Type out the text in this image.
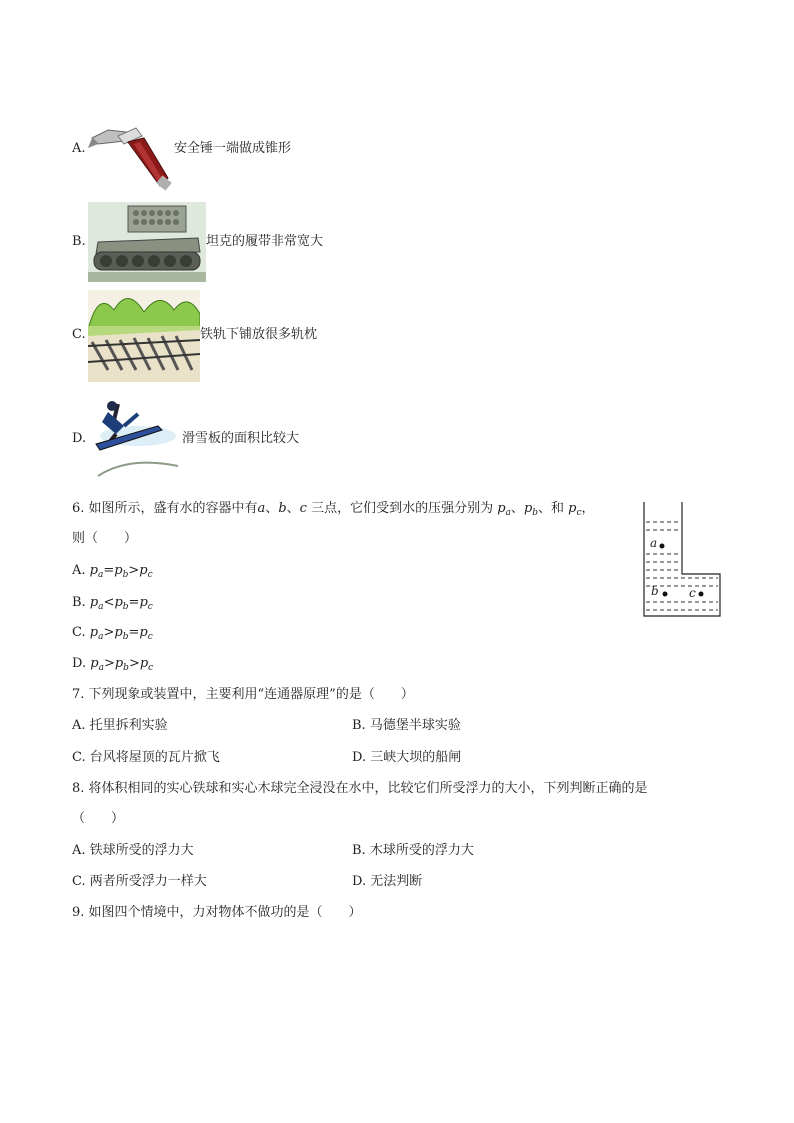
A.	安全锤一端做成锥形
B.	坦克的履带非常宽大
C.	铁轨下铺放很多轨枕
D.	滑雪板的面积比较大
6. 如图所示，盛有水的容器中有a、b、c 三点，它们受到水的压强分别为 $p_a$、$p_b$、和 $p_c$，
则（　　）
A. $p_a=p_b>p_c$
B. $p_a<p_b=p_c$
C. $p_a>p_b=p_c$
D. $p_a>p_b>p_c$
a
b	c
7. 下列现象或装置中，主要利用“连通器原理”的是（　　）
A. 托里拆利实验	B. 马德堡半球实验
C. 台风将屋顶的瓦片掀飞	D. 三峡大坝的船闸
8. 将体积相同的实心铁球和实心木球完全浸没在水中，比较它们所受浮力的大小，下列判断正确的是
（　　）
A. 铁球所受的浮力大	B. 木球所受的浮力大
C. 两者所受浮力一样大	D. 无法判断
9. 如图四个情境中，力对物体不做功的是（　　）
